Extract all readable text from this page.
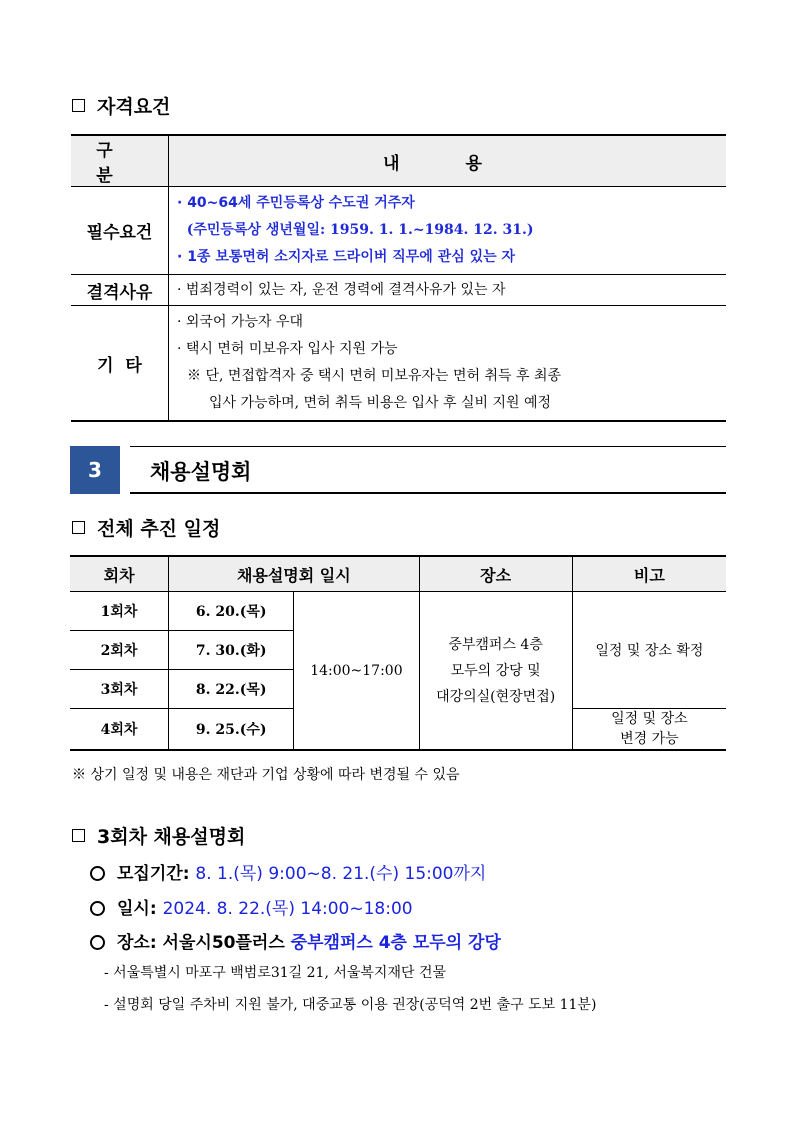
자격요건
구 분	내 용
필수요건	· 40~64세 주민등록상 수도권 거주자
(주민등록상 생년월일: 1959. 1. 1.~1984. 12. 31.)
· 1종 보통면허 소지자로 드라이버 직무에 관심 있는 자

결격사유	· 범죄경력이 있는 자, 운전 경력에 결격사유가 있는 자

기  타	· 외국어 가능자 우대
· 택시 면허 미보유자 입사 지원 가능
※ 단, 면접합격자 중 택시 면허 미보유자는 면허 취득 후 최종
입사 가능하며, 면허 취득 비용은 입사 후 실비 지원 예정
3	채용설명회
전체 추진 일정
회차	채용설명회 일시		장소	비고
1회차	6. 20.(목)	14:00~17:00	중부캠퍼스 4층
모두의 강당 및
대강의실(현장면접)	일정 및 장소 확정
2회차	7. 30.(화)			
3회차	8. 22.(목)			
4회차	9. 25.(수)			일정 및 장소
변경 가능
※ 상기 일정 및 내용은 재단과 기업 상황에 따라 변경될 수 있음
3회차 채용설명회
모집기간: 8. 1.(목) 9:00~8. 21.(수) 15:00까지
일시: 2024. 8. 22.(목) 14:00~18:00
장소: 서울시50플러스 중부캠퍼스 4층 모두의 강당
- 서울특별시 마포구 백범로31길 21, 서울복지재단 건물
- 설명회 당일 주차비 지원 불가, 대중교통 이용 권장(공덕역 2번 출구 도보 11분)
